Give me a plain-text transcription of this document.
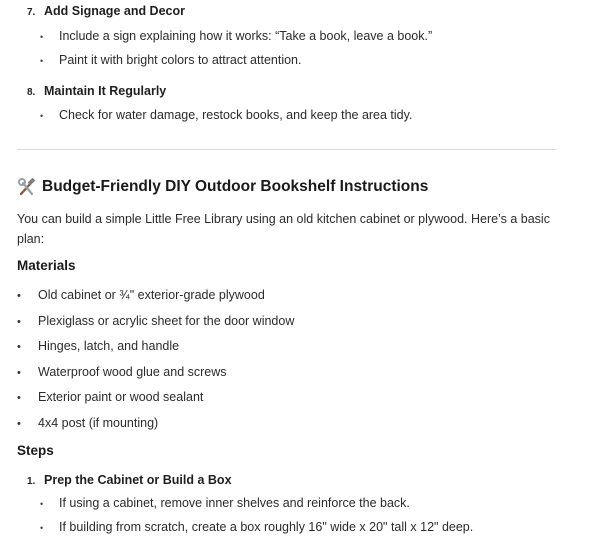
7. Add Signage and Decor
•	Include a sign explaining how it works: “Take a book, leave a book.”
•	Paint it with bright colors to attract attention.
8. Maintain It Regularly
•	Check for water damage, restock books, and keep the area tidy.
Budget-Friendly DIY Outdoor Bookshelf Instructions
You can build a simple Little Free Library using an old kitchen cabinet or plywood. Here’s a basic plan:
Materials
•	Old cabinet or ¾" exterior-grade plywood
•	Plexiglass or acrylic sheet for the door window
•	Hinges, latch, and handle
•	Waterproof wood glue and screws
•	Exterior paint or wood sealant
•	4x4 post (if mounting)
Steps
1. Prep the Cabinet or Build a Box
•	If using a cabinet, remove inner shelves and reinforce the back.
•	If building from scratch, create a box roughly 16" wide x 20" tall x 12" deep.
